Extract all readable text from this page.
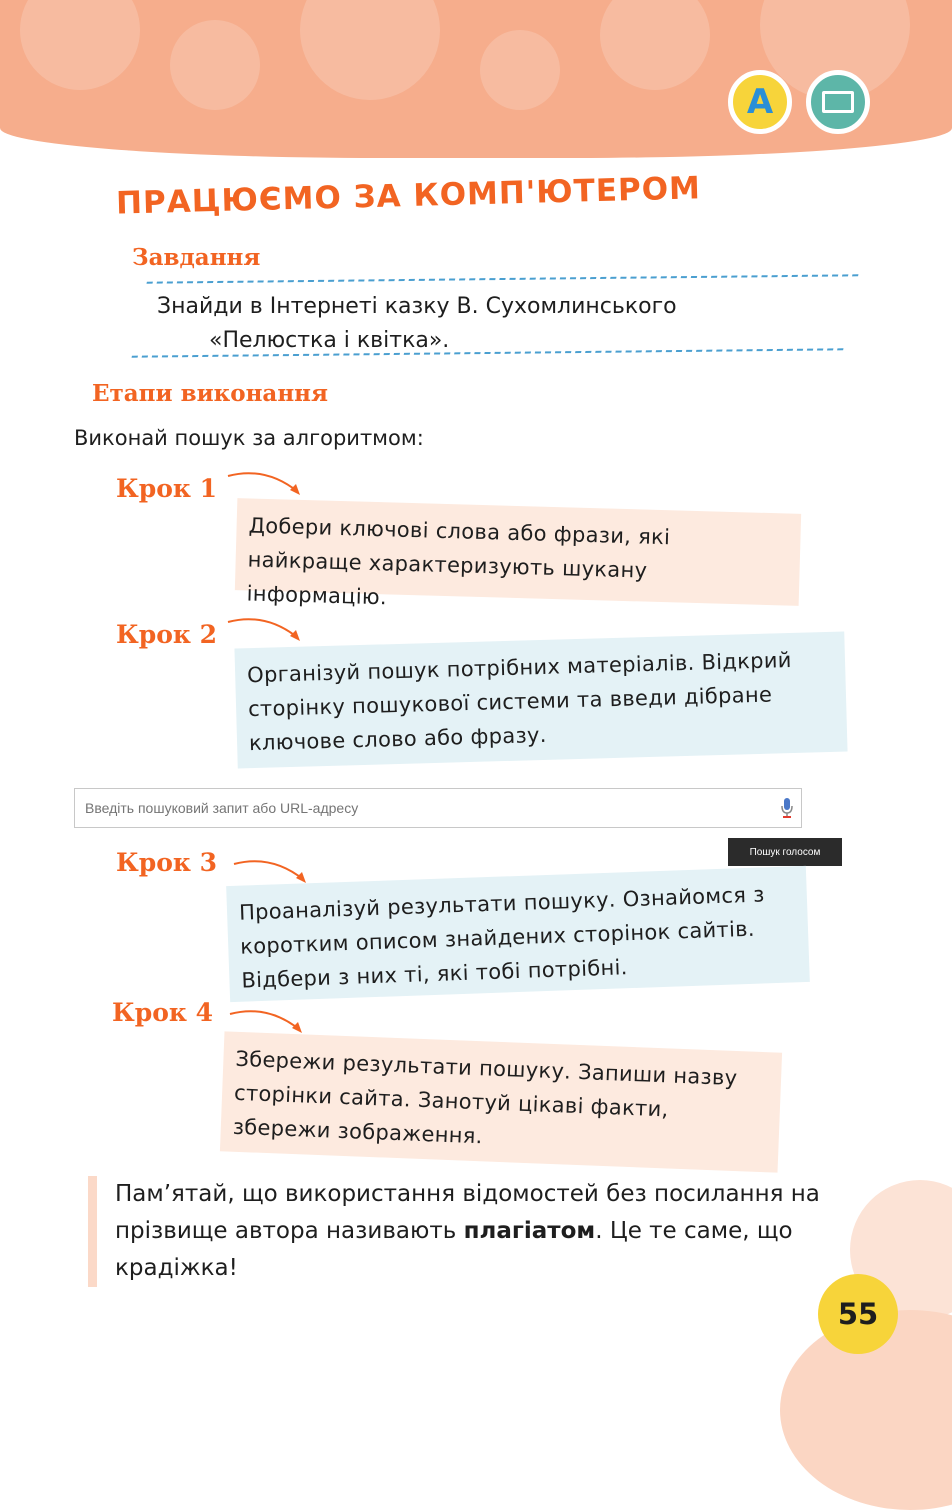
A
ПРАЦЮЄМО ЗА КОМП'ЮТЕРОМ
Завдання
Знайди в Інтернеті казку В. Сухомлинського
«Пелюстка і квітка».
Етапи виконання
Виконай пошук за алгоритмом:
Крок 1
Добери ключові слова або фрази, які найкраще характеризують шукану інформацію.
Крок 2
Організуй пошук потрібних матеріалів. Відкрий сторінку пошукової системи та введи дібране ключове слово або фразу.
Введіть пошуковий запит або URL-адресу
Пошук голосом
Крок 3
Проаналізуй результати пошуку. Ознайомся з коротким описом знайдених сторінок сайтів. Відбери з них ті, які тобі потрібні.
Крок 4
Збережи результати пошуку. Запиши назву сторінки сайта. Занотуй цікаві факти, збережи зображення.
Пам’ятай, що використання відомостей без посилання на прізвище автора називають плагіатом. Це те саме, що крадіжка!
55
